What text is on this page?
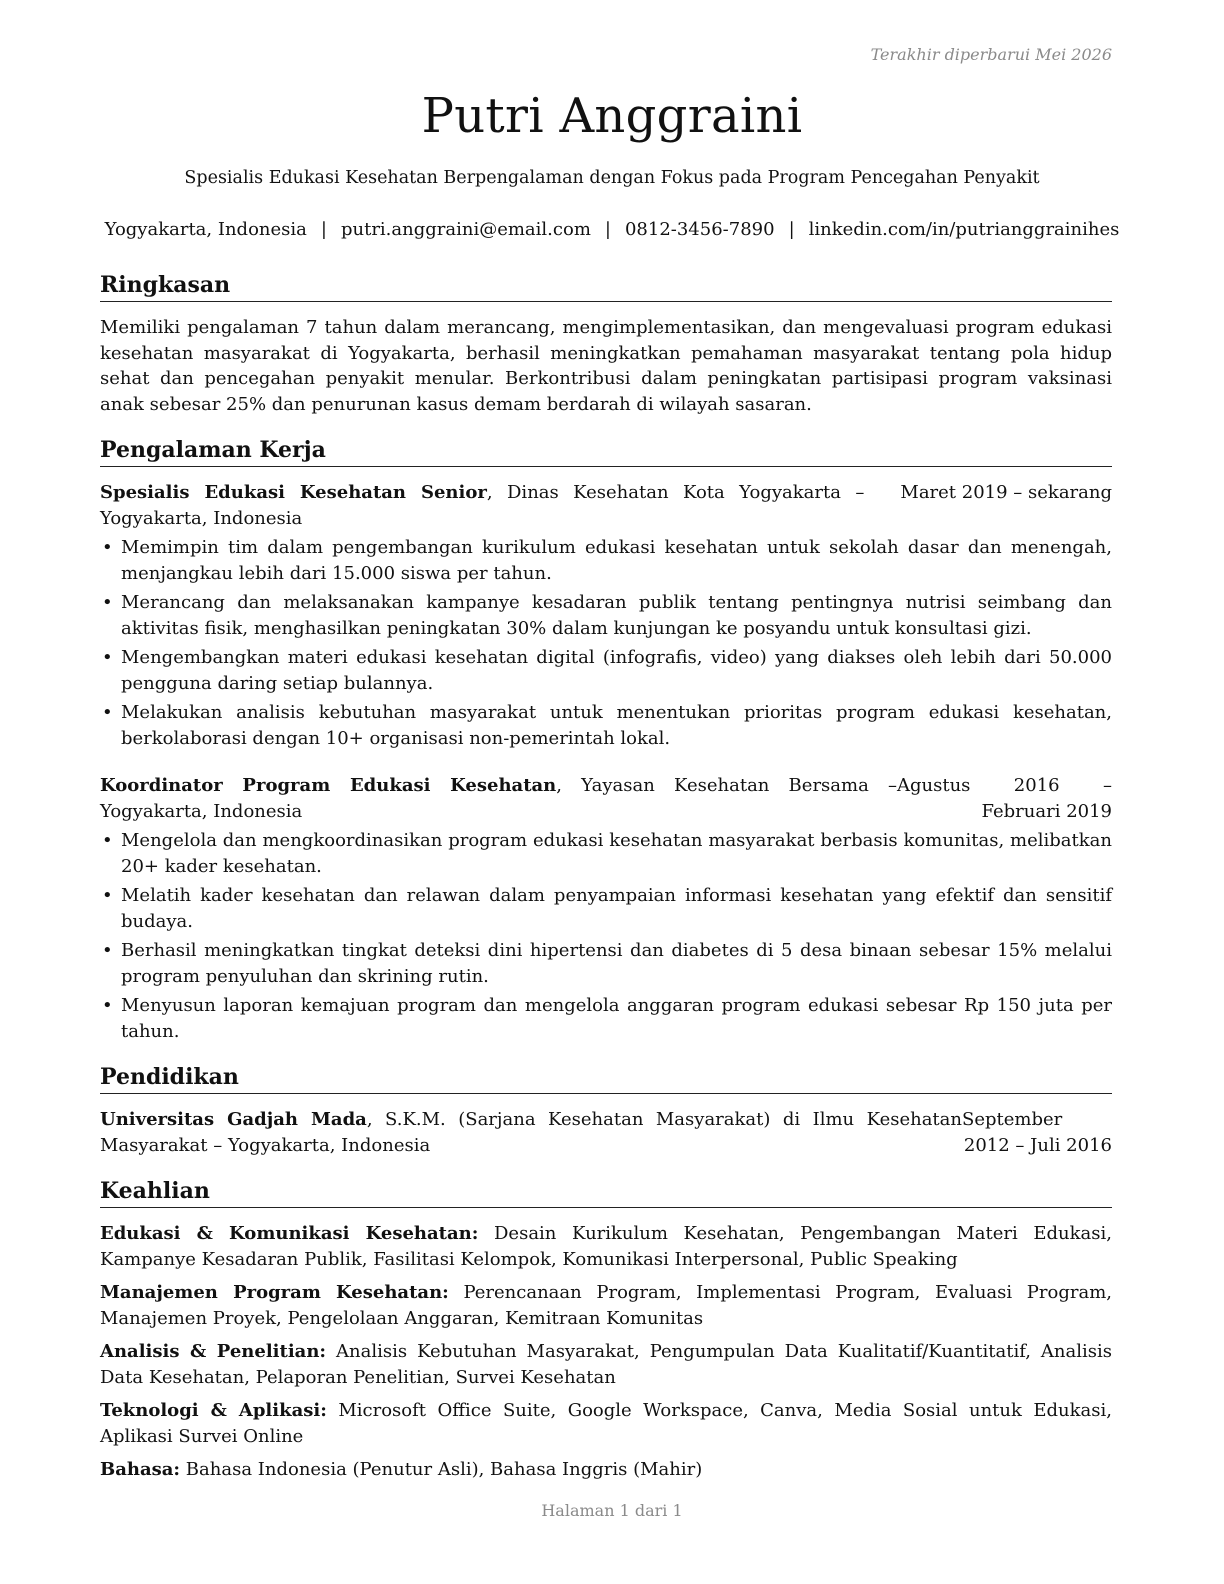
Terakhir diperbarui Mei 2026
Putri Anggraini
Spesialis Edukasi Kesehatan Berpengalaman dengan Fokus pada Program Pencegahan Penyakit
Yogyakarta, Indonesia | putri.anggraini@email.com | 0812-3456-7890 | linkedin.com/in/putrianggrainihes
Ringkasan

Memiliki pengalaman 7 tahun dalam merancang, mengimplementasikan, dan mengevaluasi program edukasi kesehatan masyarakat di Yogyakarta, berhasil meningkatkan pemahaman masyarakat tentang pola hidup sehat dan pencegahan penyakit menular. Berkontribusi dalam peningkatan partisipasi program vaksinasi anak sebesar 25% dan penurunan kasus demam berdarah di wilayah sasaran.

Pengalaman Kerja
Spesialis Edukasi Kesehatan Senior, Dinas Kesehatan Kota Yogyakarta – Yogyakarta, Indonesia
Maret 2019 – sekarang
• Memimpin tim dalam pengembangan kurikulum edukasi kesehatan untuk sekolah dasar dan menengah, menjangkau lebih dari 15.000 siswa per tahun.
• Merancang dan melaksanakan kampanye kesadaran publik tentang pentingnya nutrisi seimbang dan aktivitas fisik, menghasilkan peningkatan 30% dalam kunjungan ke posyandu untuk konsultasi gizi.
• Mengembangkan materi edukasi kesehatan digital (infografis, video) yang diakses oleh lebih dari 50.000 pengguna daring setiap bulannya.
• Melakukan analisis kebutuhan masyarakat untuk menentukan prioritas program edukasi kesehatan, berkolaborasi dengan 10+ organisasi non-pemerintah lokal.
Koordinator Program Edukasi Kesehatan, Yayasan Kesehatan Bersama – Yogyakarta, Indonesia
Agustus 2016 – Februari 2019
• Mengelola dan mengkoordinasikan program edukasi kesehatan masyarakat berbasis komunitas, melibatkan 20+ kader kesehatan.
• Melatih kader kesehatan dan relawan dalam penyampaian informasi kesehatan yang efektif dan sensitif budaya.
• Berhasil meningkatkan tingkat deteksi dini hipertensi dan diabetes di 5 desa binaan sebesar 15% melalui program penyuluhan dan skrining rutin.
• Menyusun laporan kemajuan program dan mengelola anggaran program edukasi sebesar Rp 150 juta per tahun.
Pendidikan
Universitas Gadjah Mada, S.K.M. (Sarjana Kesehatan Masyarakat) di Ilmu Kesehatan Masyarakat – Yogyakarta, Indonesia
September 2012 – Juli 2016
Keahlian
Edukasi & Komunikasi Kesehatan: Desain Kurikulum Kesehatan, Pengembangan Materi Edukasi, Kampanye Kesadaran Publik, Fasilitasi Kelompok, Komunikasi Interpersonal, Public Speaking
Manajemen Program Kesehatan: Perencanaan Program, Implementasi Program, Evaluasi Program, Manajemen Proyek, Pengelolaan Anggaran, Kemitraan Komunitas
Analisis & Penelitian: Analisis Kebutuhan Masyarakat, Pengumpulan Data Kualitatif/Kuantitatif, Analisis Data Kesehatan, Pelaporan Penelitian, Survei Kesehatan
Teknologi & Aplikasi: Microsoft Office Suite, Google Workspace, Canva, Media Sosial untuk Edukasi, Aplikasi Survei Online
Bahasa: Bahasa Indonesia (Penutur Asli), Bahasa Inggris (Mahir)
Halaman 1 dari 1
